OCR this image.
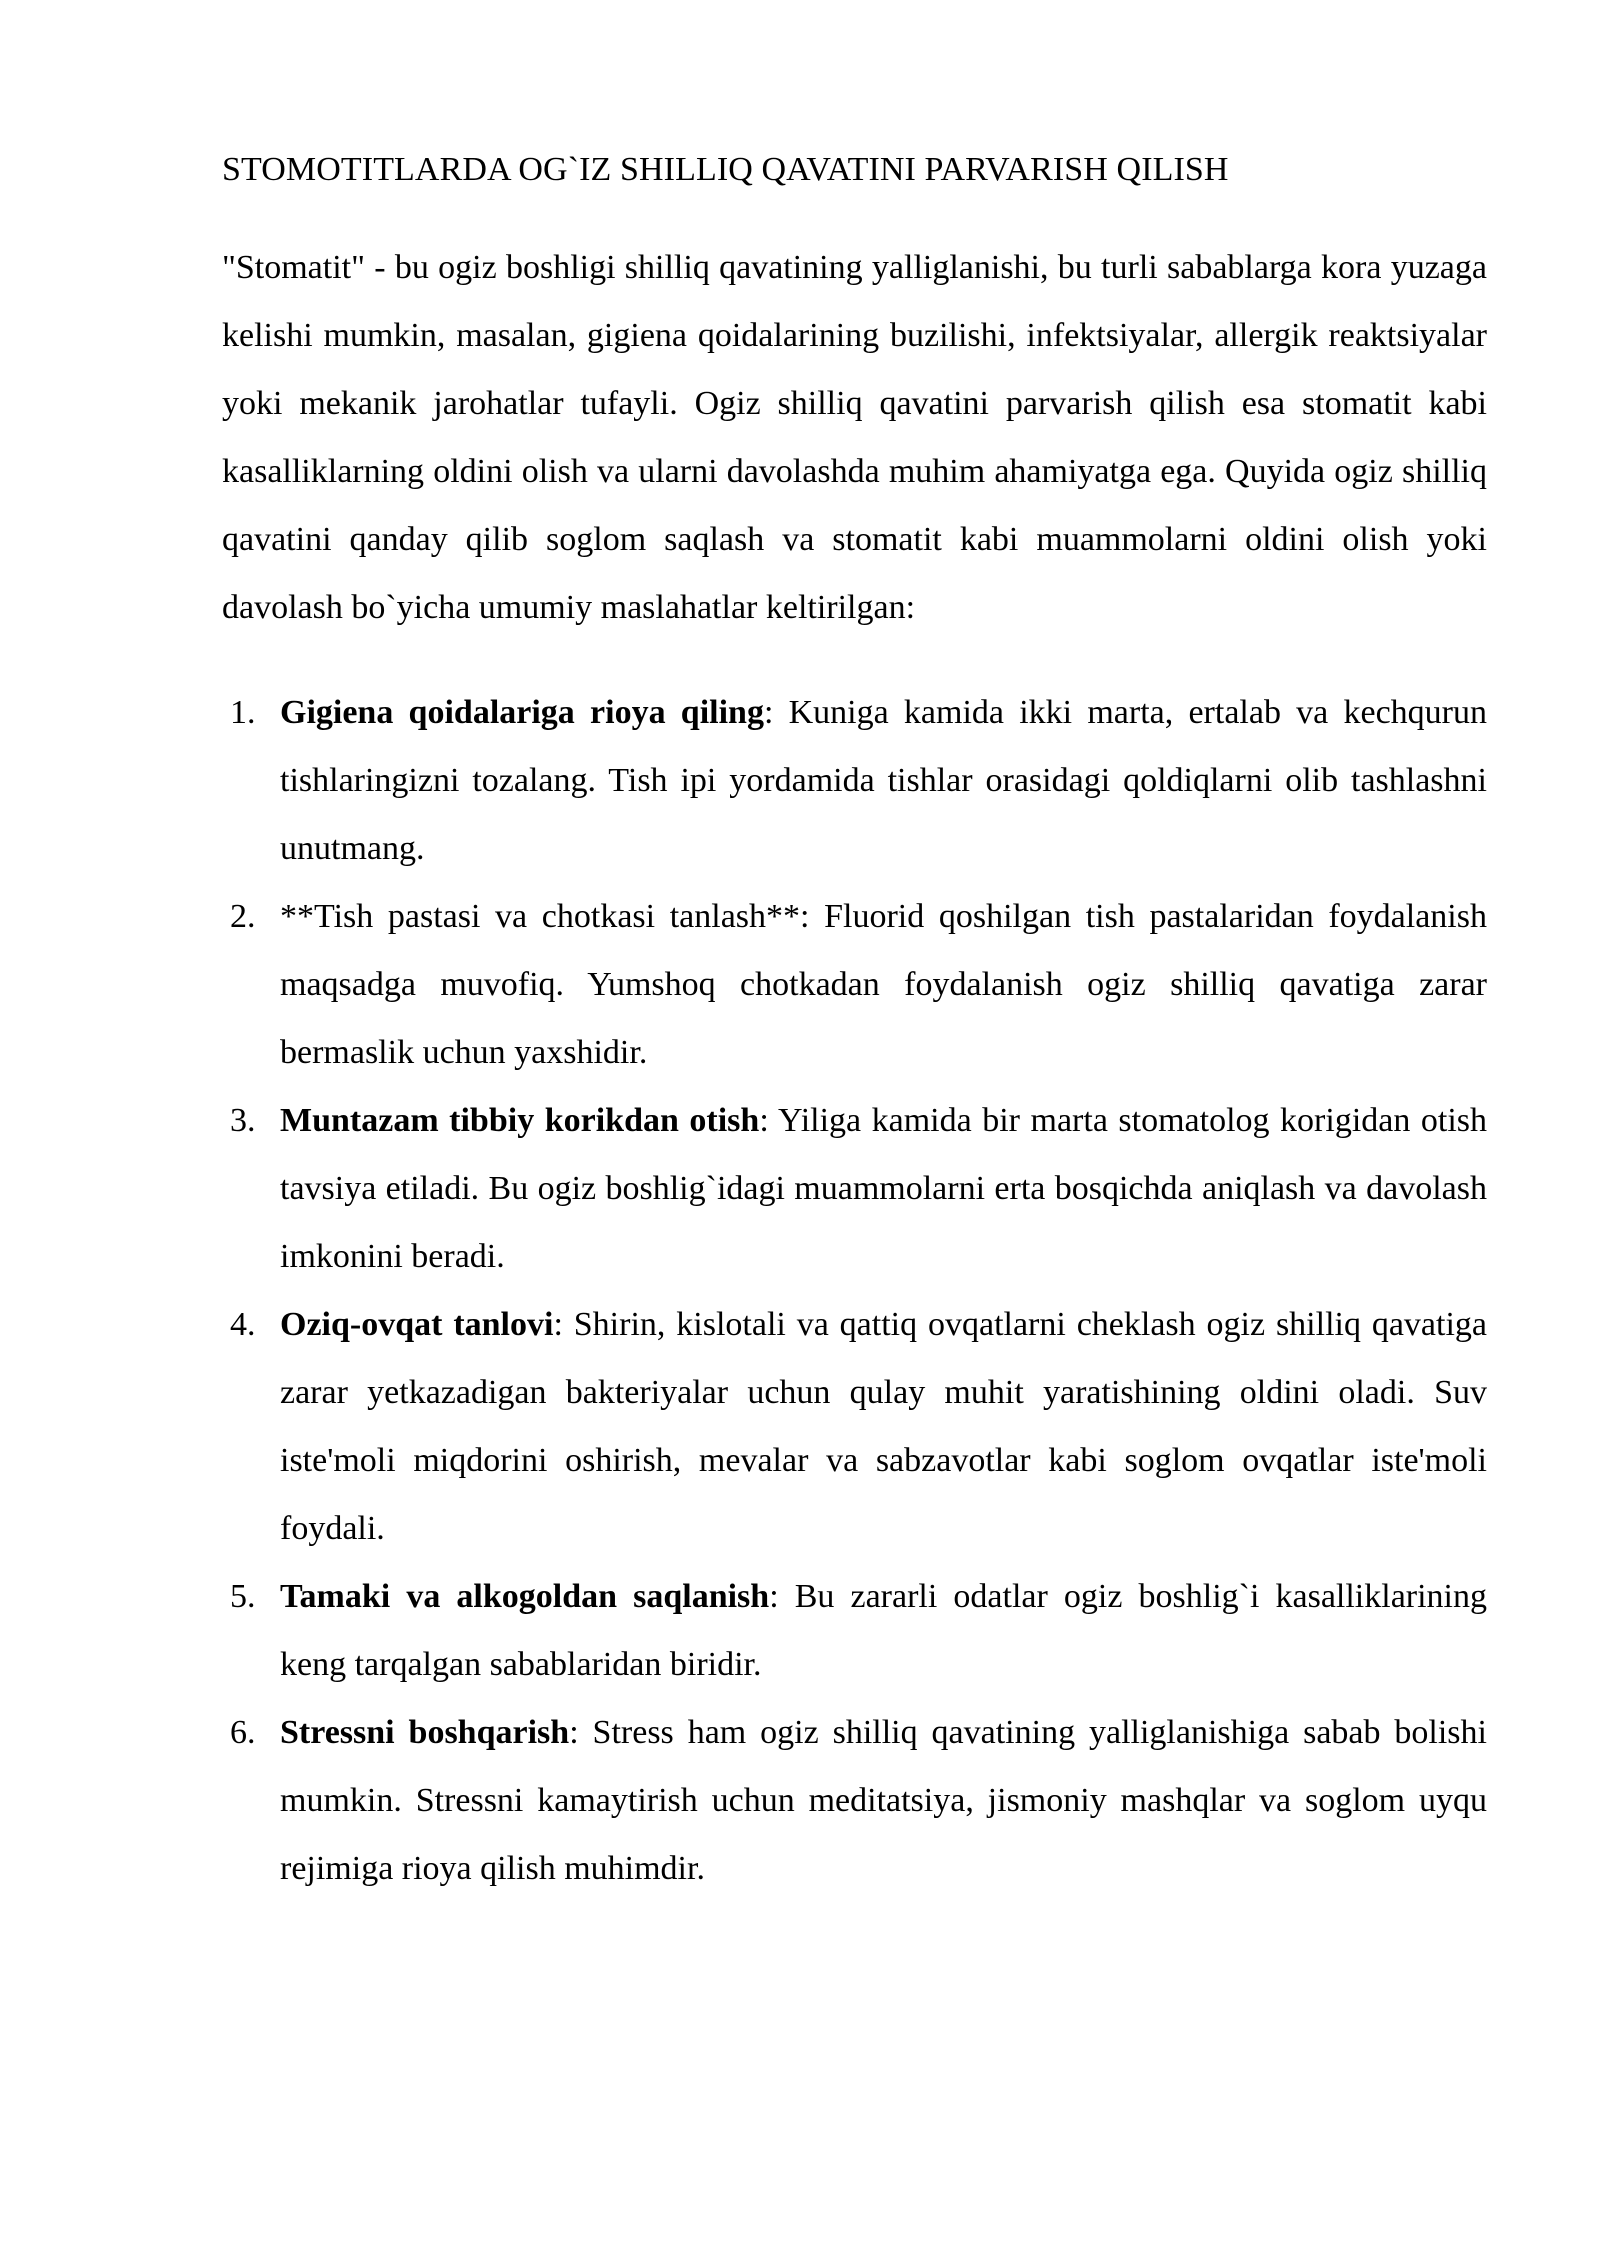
STOMOTITLARDA OG`IZ SHILLIQ QAVATINI PARVARISH QILISH

"Stomatit" - bu ogiz boshligi shilliq qavatining yalliglanishi, bu turli sabablarga kora yuzaga kelishi mumkin, masalan, gigiena qoidalarining buzilishi, infektsiyalar, allergik reaktsiyalar yoki mekanik jarohatlar tufayli. Ogiz shilliq qavatini parvarish qilish esa stomatit kabi kasalliklarning oldini olish va ularni davolashda muhim ahamiyatga ega. Quyida ogiz shilliq qavatini qanday qilib soglom saqlash va stomatit kabi muammolarni oldini olish yoki davolash bo`yicha umumiy maslahatlar keltirilgan:

Gigiena qoidalariga rioya qiling: Kuniga kamida ikki marta, ertalab va kechqurun tishlaringizni tozalang. Tish ipi yordamida tishlar orasidagi qoldiqlarni olib tashlashni unutmang.
**Tish pastasi va chotkasi tanlash**: Fluorid qoshilgan tish pastalaridan foydalanish maqsadga muvofiq. Yumshoq chotkadan foydalanish ogiz shilliq qavatiga zarar bermaslik uchun yaxshidir.
Muntazam tibbiy korikdan otish: Yiliga kamida bir marta stomatolog korigidan otish tavsiya etiladi. Bu ogiz boshlig`idagi muammolarni erta bosqichda aniqlash va davolash imkonini beradi.
Oziq-ovqat tanlovi: Shirin, kislotali va qattiq ovqatlarni cheklash ogiz shilliq qavatiga zarar yetkazadigan bakteriyalar uchun qulay muhit yaratishining oldini oladi. Suv iste'moli miqdorini oshirish, mevalar va sabzavotlar kabi soglom ovqatlar iste'moli foydali.
Tamaki va alkogoldan saqlanish: Bu zararli odatlar ogiz boshlig`i kasalliklarining keng tarqalgan sabablaridan biridir.
Stressni boshqarish: Stress ham ogiz shilliq qavatining yalliglanishiga sabab bolishi mumkin. Stressni kamaytirish uchun meditatsiya, jismoniy mashqlar va soglom uyqu rejimiga rioya qilish muhimdir.
